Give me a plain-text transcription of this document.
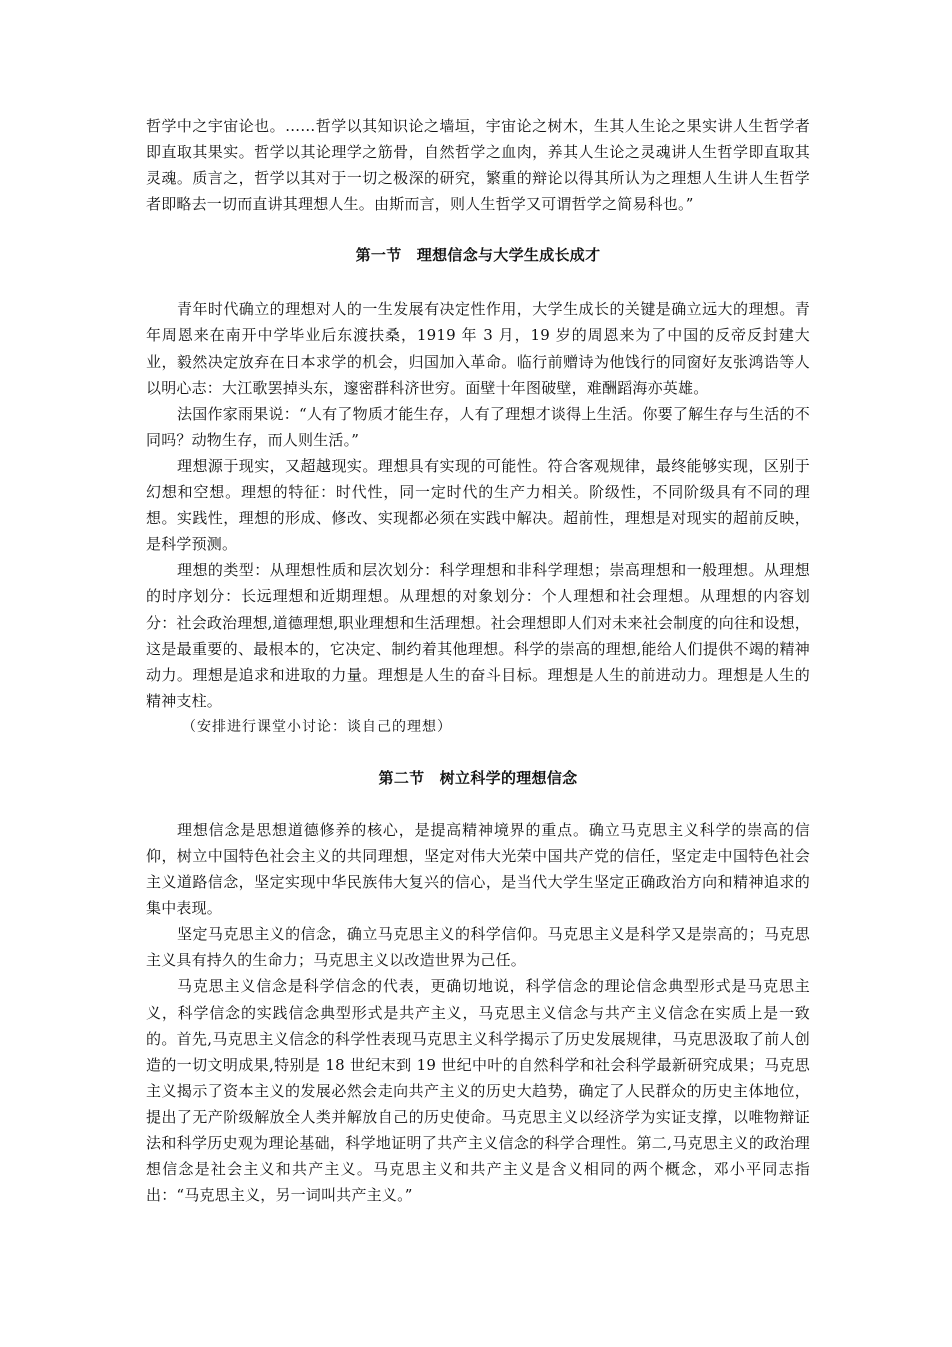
哲学中之宇宙论也。……哲学以其知识论之墙垣，宇宙论之树木，生其人生论之果实讲人生哲学者即直取其果实。哲学以其论理学之筋骨，自然哲学之血肉，养其人生论之灵魂讲人生哲学即直取其灵魂。质言之，哲学以其对于一切之极深的研究，繁重的辩论以得其所认为之理想人生讲人生哲学者即略去一切而直讲其理想人生。由斯而言，则人生哲学又可谓哲学之简易科也。”

第一节　理想信念与大学生成长成才

青年时代确立的理想对人的一生发展有决定性作用，大学生成长的关键是确立远大的理想。青年周恩来在南开中学毕业后东渡扶桑，1919 年 3 月，19 岁的周恩来为了中国的反帝反封建大业，毅然决定放弃在日本求学的机会，归国加入革命。临行前赠诗为他饯行的同窗好友张鸿诰等人以明心志：大江歌罢掉头东，邃密群科济世穷。面壁十年图破壁，难酬蹈海亦英雄。

法国作家雨果说：“人有了物质才能生存，人有了理想才谈得上生活。你要了解生存与生活的不同吗？动物生存，而人则生活。”

理想源于现实，又超越现实。理想具有实现的可能性。符合客观规律，最终能够实现，区别于幻想和空想。理想的特征：时代性，同一定时代的生产力相关。阶级性，不同阶级具有不同的理想。实践性，理想的形成、修改、实现都必须在实践中解决。超前性，理想是对现实的超前反映，是科学预测。

理想的类型：从理想性质和层次划分：科学理想和非科学理想；崇高理想和一般理想。从理想的时序划分：长远理想和近期理想。从理想的对象划分：个人理想和社会理想。从理想的内容划分：社会政治理想,道德理想,职业理想和生活理想。社会理想即人们对未来社会制度的向往和设想，这是最重要的、最根本的，它决定、制约着其他理想。科学的崇高的理想,能给人们提供不竭的精神动力。理想是追求和进取的力量。理想是人生的奋斗目标。理想是人生的前进动力。理想是人生的精神支柱。

（安排进行课堂小讨论：谈自己的理想）

第二节　树立科学的理想信念

理想信念是思想道德修养的核心，是提高精神境界的重点。确立马克思主义科学的崇高的信仰，树立中国特色社会主义的共同理想，坚定对伟大光荣中国共产党的信任，坚定走中国特色社会主义道路信念，坚定实现中华民族伟大复兴的信心，是当代大学生坚定正确政治方向和精神追求的集中表现。

坚定马克思主义的信念，确立马克思主义的科学信仰。马克思主义是科学又是崇高的；马克思主义具有持久的生命力；马克思主义以改造世界为己任。

马克思主义信念是科学信念的代表，更确切地说，科学信念的理论信念典型形式是马克思主义，科学信念的实践信念典型形式是共产主义，马克思主义信念与共产主义信念在实质上是一致的。首先,马克思主义信念的科学性表现马克思主义科学揭示了历史发展规律，马克思汲取了前人创造的一切文明成果,特别是 18 世纪末到 19 世纪中叶的自然科学和社会科学最新研究成果；马克思主义揭示了资本主义的发展必然会走向共产主义的历史大趋势，确定了人民群众的历史主体地位，提出了无产阶级解放全人类并解放自己的历史使命。马克思主义以经济学为实证支撑，以唯物辩证法和科学历史观为理论基础，科学地证明了共产主义信念的科学合理性。第二,马克思主义的政治理想信念是社会主义和共产主义。马克思主义和共产主义是含义相同的两个概念，邓小平同志指出：“马克思主义，另一词叫共产主义。”
